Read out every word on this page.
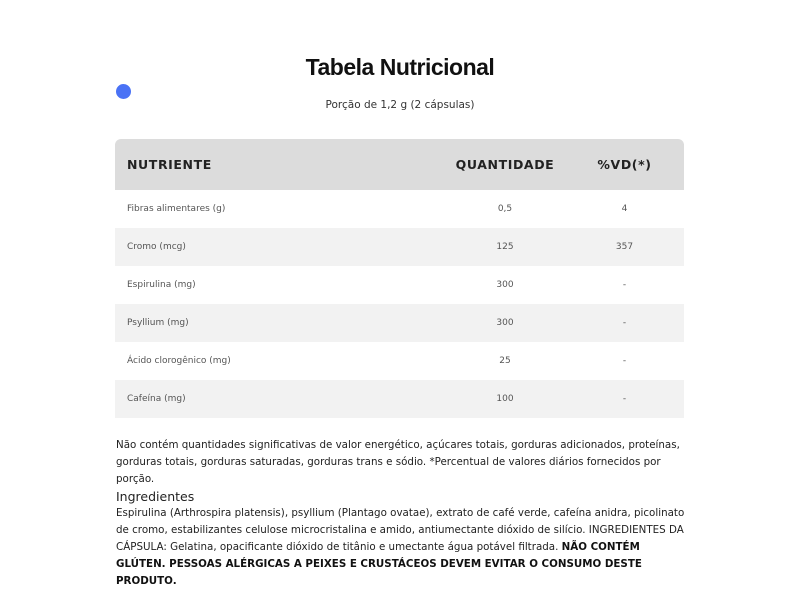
Tabela Nutricional
Porção de 1,2 g (2 cápsulas)
NUTRIENTE	QUANTIDADE	%VD(*)
Fibras alimentares (g)	0,5	4
Cromo (mcg)	125	357
Espirulina (mg)	300	-
Psyllium (mg)	300	-
Ácido clorogênico (mg)	25	-
Cafeína (mg)	100	-
Não contém quantidades significativas de valor energético, açúcares totais, gorduras adicionados, proteínas, gorduras totais, gorduras saturadas, gorduras trans e sódio. *Percentual de valores diários fornecidos por porção.
Ingredientes
Espirulina (Arthrospira platensis), psyllium (Plantago ovatae), extrato de café verde, cafeína anidra, picolinato de cromo, estabilizantes celulose microcristalina e amido, antiumectante dióxido de silício. INGREDIENTES DA CÁPSULA: Gelatina, opacificante dióxido de titânio e umectante água potável filtrada. NÃO CONTÉM GLÚTEN. PESSOAS ALÉRGICAS A PEIXES E CRUSTÁCEOS DEVEM EVITAR O CONSUMO DESTE PRODUTO.
